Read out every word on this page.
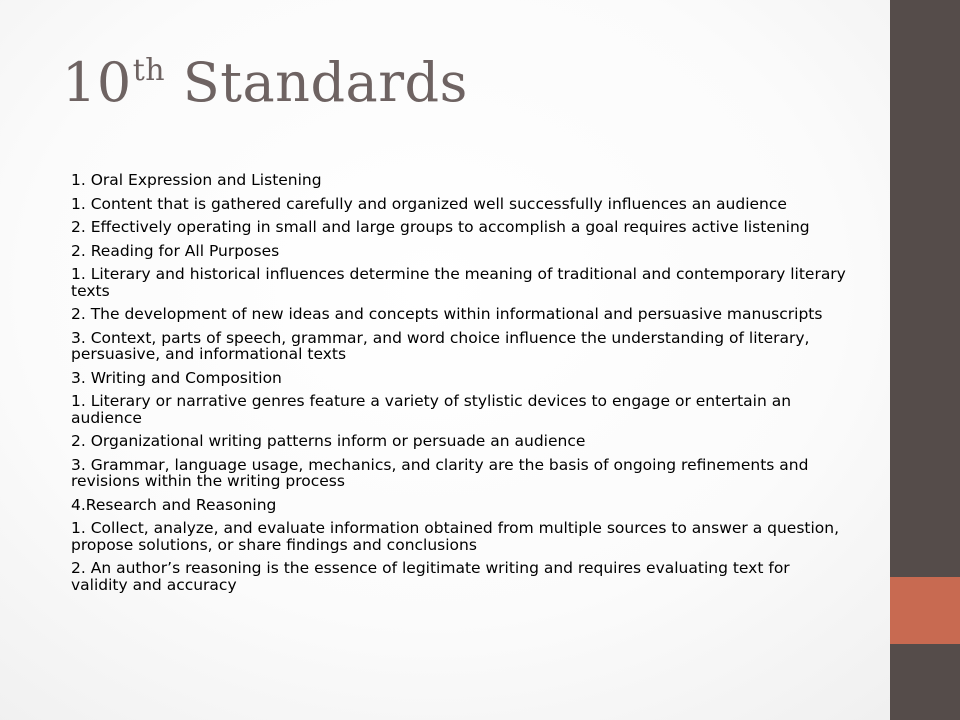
10th Standards
1. Oral Expression and Listening
1. Content that is gathered carefully and organized well successfully influences an audience
2. Effectively operating in small and large groups to accomplish a goal requires active listening
2. Reading for All Purposes
1. Literary and historical influences determine the meaning of traditional and contemporary literary texts
2. The development of new ideas and concepts within informational and persuasive manuscripts
3. Context, parts of speech, grammar, and word choice influence the understanding of literary, persuasive, and informational texts
3. Writing and Composition
1. Literary or narrative genres feature a variety of stylistic devices to engage or entertain an audience
2. Organizational writing patterns inform or persuade an audience
3. Grammar, language usage, mechanics, and clarity are the basis of ongoing refinements and revisions within the writing process
4.Research and Reasoning
1. Collect, analyze, and evaluate information obtained from multiple sources to answer a question, propose solutions, or share findings and conclusions
2. An author’s reasoning is the essence of legitimate writing and requires evaluating text for validity and accuracy
